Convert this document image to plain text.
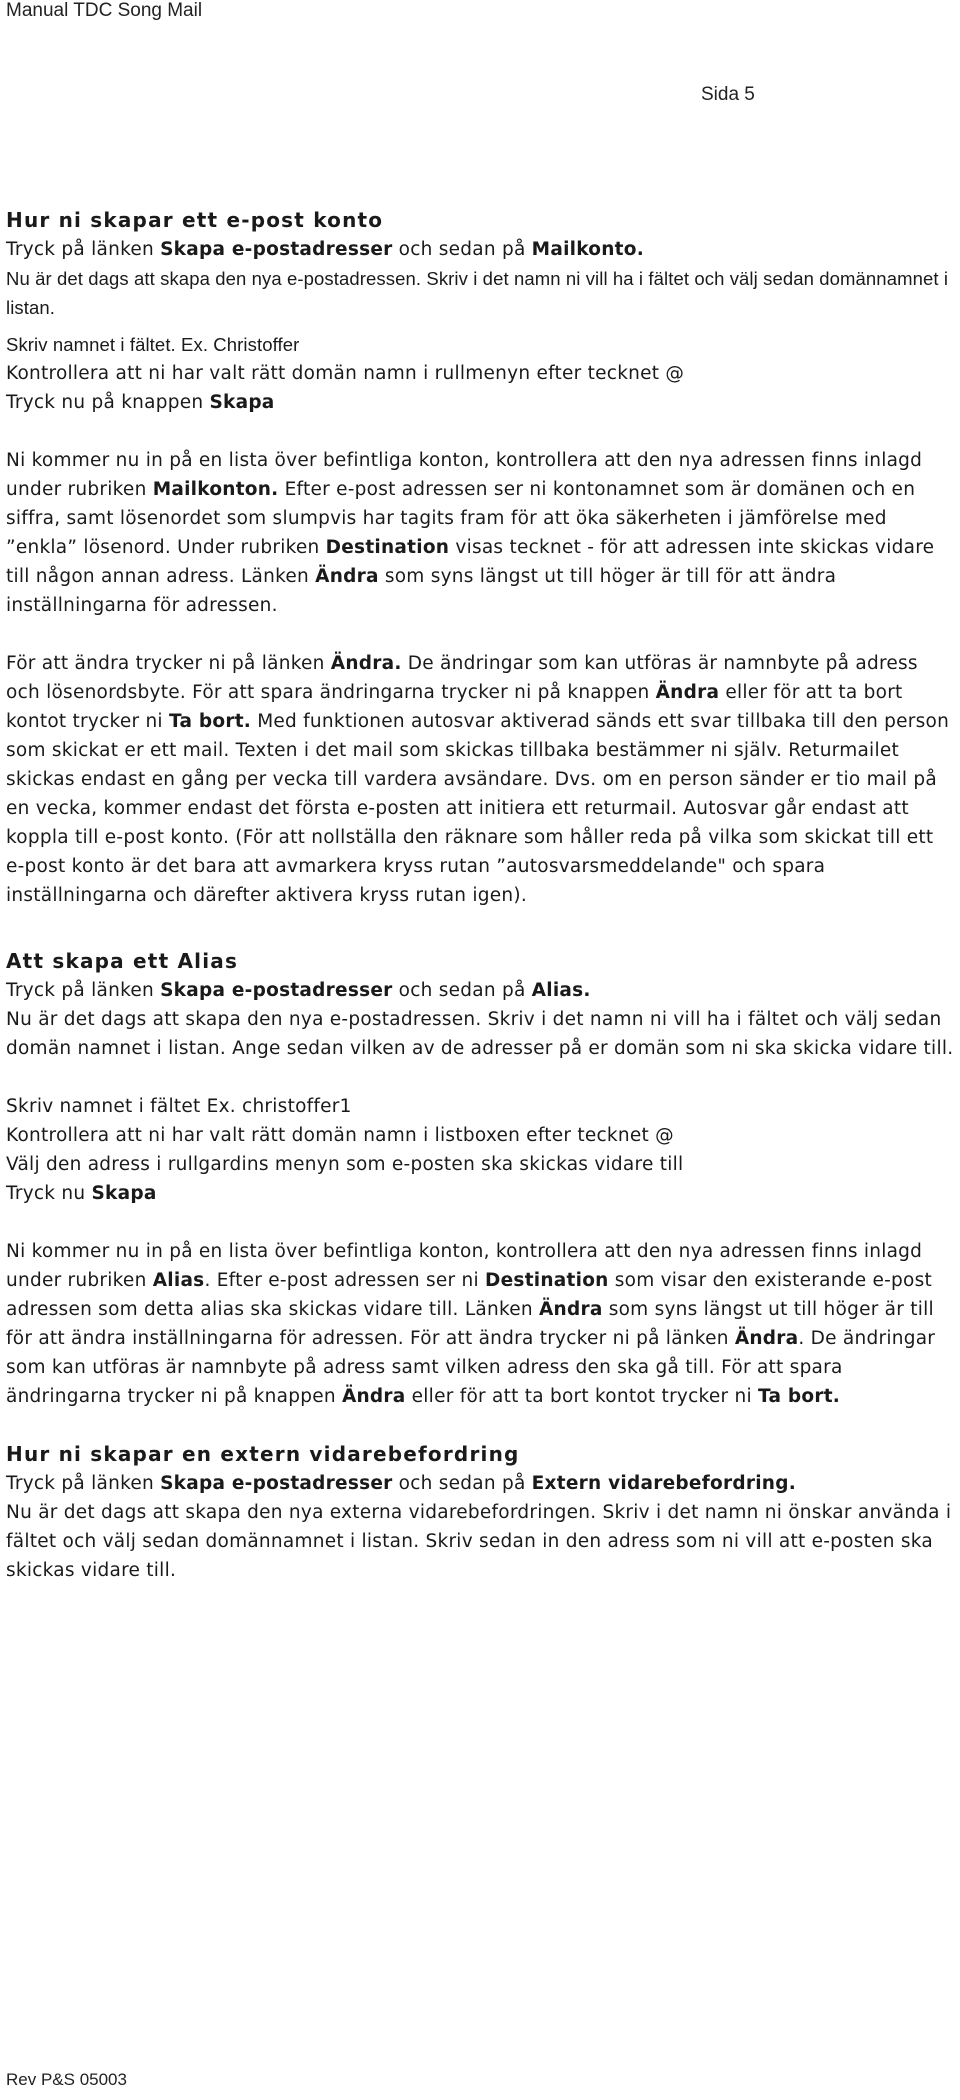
Manual TDC Song Mail
Sida 5
Hur ni skapar ett e-post konto

Tryck på länken Skapa e-postadresser och sedan på Mailkonto.

Nu är det dags att skapa den nya e-postadressen. Skriv i det namn ni vill ha i fältet och välj sedan domännamnet i listan.

Skriv namnet i fältet. Ex. Christoffer

Kontrollera att ni har valt rätt domän namn i rullmenyn efter tecknet @

Tryck nu på knappen Skapa

Ni kommer nu in på en lista över befintliga konton, kontrollera att den nya adressen finns inlagd under rubriken Mailkonton. Efter e-post adressen ser ni kontonamnet som är domänen och en siffra, samt lösenordet som slumpvis har tagits fram för att öka säkerheten i jämförelse med ”enkla” lösenord. Under rubriken Destination visas tecknet - för att adressen inte skickas vidare till någon annan adress. Länken Ändra som syns längst ut till höger är till för att ändra inställningarna för adressen.

För att ändra trycker ni på länken Ändra. De ändringar som kan utföras är namnbyte på adress och lösenordsbyte. För att spara ändringarna trycker ni på knappen Ändra eller för att ta bort kontot trycker ni Ta bort. Med funktionen autosvar aktiverad sänds ett svar tillbaka till den person som skickat er ett mail. Texten i det mail som skickas tillbaka bestämmer ni själv. Returmailet skickas endast en gång per vecka till vardera avsändare. Dvs. om en person sänder er tio mail på en vecka, kommer endast det första e-posten att initiera ett returmail. Autosvar går endast att koppla till e-post konto. (För att nollställa den räknare som håller reda på vilka som skickat till ett e-post konto är det bara att avmarkera kryss rutan ”autosvarsmeddelande" och spara inställningarna och därefter aktivera kryss rutan igen).

Att skapa ett Alias

Tryck på länken Skapa e-postadresser och sedan på Alias.

Nu är det dags att skapa den nya e-postadressen. Skriv i det namn ni vill ha i fältet och välj sedan domän namnet i listan. Ange sedan vilken av de adresser på er domän som ni ska skicka vidare till.

Skriv namnet i fältet Ex. christoffer1

Kontrollera att ni har valt rätt domän namn i listboxen efter tecknet @

Välj den adress i rullgardins menyn som e-posten ska skickas vidare till

Tryck nu Skapa

Ni kommer nu in på en lista över befintliga konton, kontrollera att den nya adressen finns inlagd under rubriken Alias. Efter e-post adressen ser ni Destination som visar den existerande e-post adressen som detta alias ska skickas vidare till. Länken Ändra som syns längst ut till höger är till för att ändra inställningarna för adressen. För att ändra trycker ni på länken Ändra. De ändringar som kan utföras är namnbyte på adress samt vilken adress den ska gå till. För att spara ändringarna trycker ni på knappen Ändra eller för att ta bort kontot trycker ni Ta bort.

Hur ni skapar en extern vidarebefordring

Tryck på länken Skapa e-postadresser och sedan på Extern vidarebefordring.

Nu är det dags att skapa den nya externa vidarebefordringen. Skriv i det namn ni önskar använda i fältet och välj sedan domännamnet i listan. Skriv sedan in den adress som ni vill att e-posten ska skickas vidare till.

Rev P&S 05003
